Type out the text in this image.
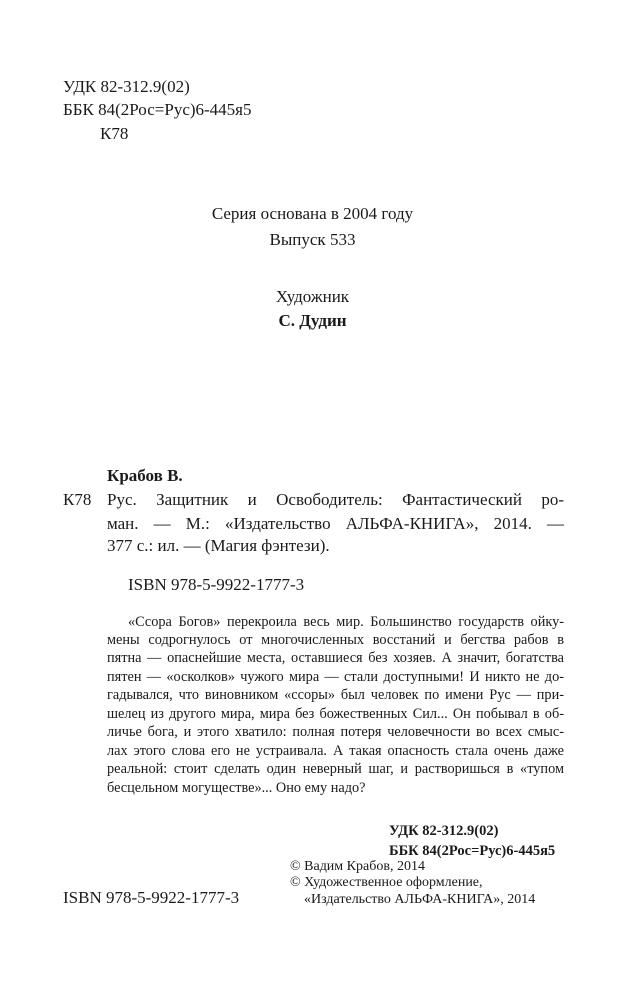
УДК 82-312.9(02)
ББК 84(2Рос=Рус)6-445я5
К78
Серия основана в 2004 году
Выпуск 533
Художник
С. Дудин
Крабов В.
К78 Рус. Защитник и Освободитель: Фантастический ро-
ман. — М.: «Издательство АЛЬФА-КНИГА», 2014. —
377 с.: ил. — (Магия фэнтези).
ISBN 978-5-9922-1777-3
«Ссора Богов» перекроила весь мир. Большинство государств ойку-
мены содрогнулось от многочисленных восстаний и бегства рабов в
пятна — опаснейшие места, оставшиеся без хозяев. А значит, богатства
пятен — «осколков» чужого мира — стали доступными! И никто не до-
гадывался, что виновником «ссоры» был человек по имени Рус — при-
шелец из другого мира, мира без божественных Сил... Он побывал в об-
личье бога, и этого хватило: полная потеря человечности во всех смыс-
лах этого слова его не устраивала. А такая опасность стала очень даже
реальной: стоит сделать один неверный шаг, и растворишься в «тупом
бесцельном могуществе»... Оно ему надо?
УДК 82-312.9(02)
ББК 84(2Рос=Рус)6-445я5
ISBN 978-5-9922-1777-3
© Вадим Крабов, 2014
© Художественное оформление,
«Издательство АЛЬФА-КНИГА», 2014
